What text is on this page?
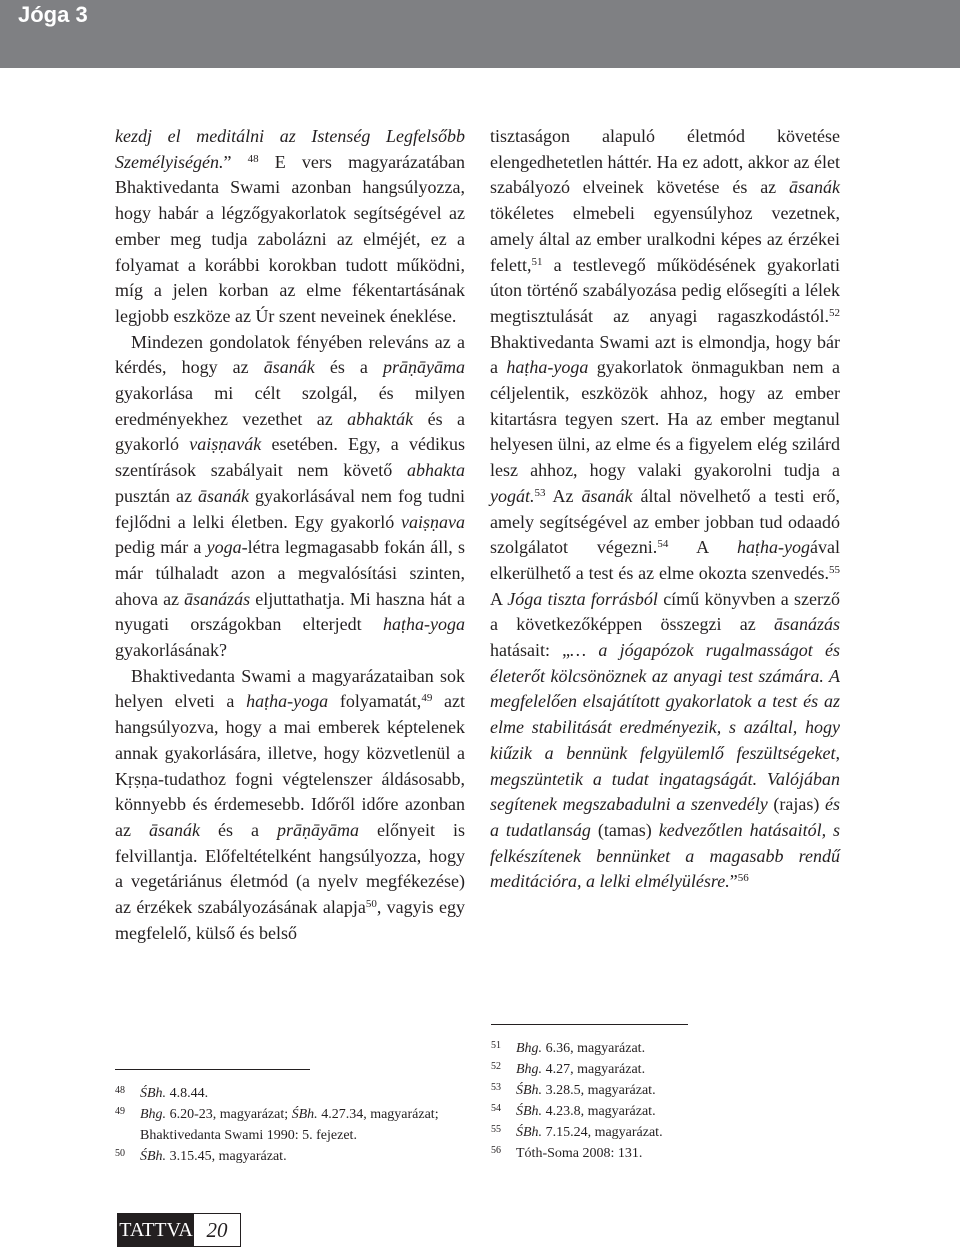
Jóga 3

kezdj el meditálni az Istenség Legfelsőbb Személyiségén.” $^{48}$ E vers magyarázatában Bhaktivedanta Swami azonban hangsúlyozza, hogy habár a légzőgyakorlatok segítségével az ember meg tudja zabolázni az elméjét, ez a folyamat a korábbi korokban tudott működni, míg a jelen korban az elme fékentartásának legjobb eszköze az Úr szent neveinek éneklése.

Mindezen gondolatok fényében releváns az a kérdés, hogy az āsanák és a prāṇāyāma gyakorlása mi célt szolgál, és milyen eredményekhez vezethet az abhakták és a gyakorló vaiṣṇavák esetében. Egy, a védikus szentírások szabályait nem követő abhakta pusztán az āsanák gyakorlásával nem fog tudni fejlődni a lelki életben. Egy gyakorló vaiṣṇava pedig már a yoga-létra legmagasabb fokán áll, s már túlhaladt azon a megvalósítási szinten, ahova az āsanázás eljuttathatja. Mi haszna hát a nyugati országokban elterjedt haṭha-yoga gyakorlásának?

Bhaktivedanta Swami a magyarázataiban sok helyen elveti a haṭha-yoga folyamatát,$^{49}$ azt hangsúlyozva, hogy a mai emberek képtelenek annak gyakorlására, illetve, hogy közvetlenül a Kṛṣṇa-tudathoz fogni végtelenszer áldásosabb, könnyebb és érdemesebb. Időről időre azonban az āsanák és a prāṇāyāma előnyeit is felvillantja. Előfeltételként hangsúlyozza, hogy a vegetáriánus életmód (a nyelv megfékezése) az érzékek szabályozásának alapja$^{50}$, vagyis egy megfelelő, külső és belső

tisztaságon alapuló életmód követése elengedhetetlen háttér. Ha ez adott, akkor az élet szabályozó elveinek követése és az āsanák tökéletes elmebeli egyensúlyhoz vezetnek, amely által az ember uralkodni képes az érzékei felett,$^{51}$ a testlevegő működésének gyakorlati úton történő szabályozása pedig elősegíti a lélek megtisztulását az anyagi ragaszkodástól.$^{52}$ Bhaktivedanta Swami azt is elmondja, hogy bár a haṭha-yoga gyakorlatok önmagukban nem a céljelentik, eszközök ahhoz, hogy az ember kitartásra tegyen szert. Ha az ember megtanul helyesen ülni, az elme és a figyelem elég szilárd lesz ahhoz, hogy valaki gyakorolni tudja a yogát.$^{53}$ Az āsanák által növelhető a testi erő, amely segítségével az ember jobban tud odaadó szolgálatot végezni.$^{54}$ A haṭha-yogával elkerülhető a test és az elme okozta szenvedés.$^{55}$ A Jóga tiszta forrásból című könyvben a szerző a következőképpen összegzi az āsanázás hatásait: „… a jógapózok rugalmasságot és életerőt kölcsönöznek az anyagi test számára. A megfelelően elsajátított gyakorlatok a test és az elme stabilitását eredményezik, s azáltal, hogy kiűzik a bennünk felgyülemlő feszültségeket, megszüntetik a tudat ingatagságát. Valójában segítenek megszabadulni a szenvedély (rajas) és a tudatlanság (tamas) kedvezőtlen hatásaitól, s felkészítenek bennünket a magasabb rendű meditációra, a lelki elmélyülésre.”$^{56}$

48	ŚBh. 4.8.44.
49	Bhg. 6.20-23, magyarázat; ŚBh. 4.27.34, magyarázat; Bhaktivedanta Swami 1990: 5. fejezet.
50	ŚBh. 3.15.45, magyarázat.
51	Bhg. 6.36, magyarázat.
52	Bhg. 4.27, magyarázat.
53	ŚBh. 3.28.5, magyarázat.
54	ŚBh. 4.23.8, magyarázat.
55	ŚBh. 7.15.24, magyarázat.
56	Tóth-Soma 2008: 131.
TATTVA 20
